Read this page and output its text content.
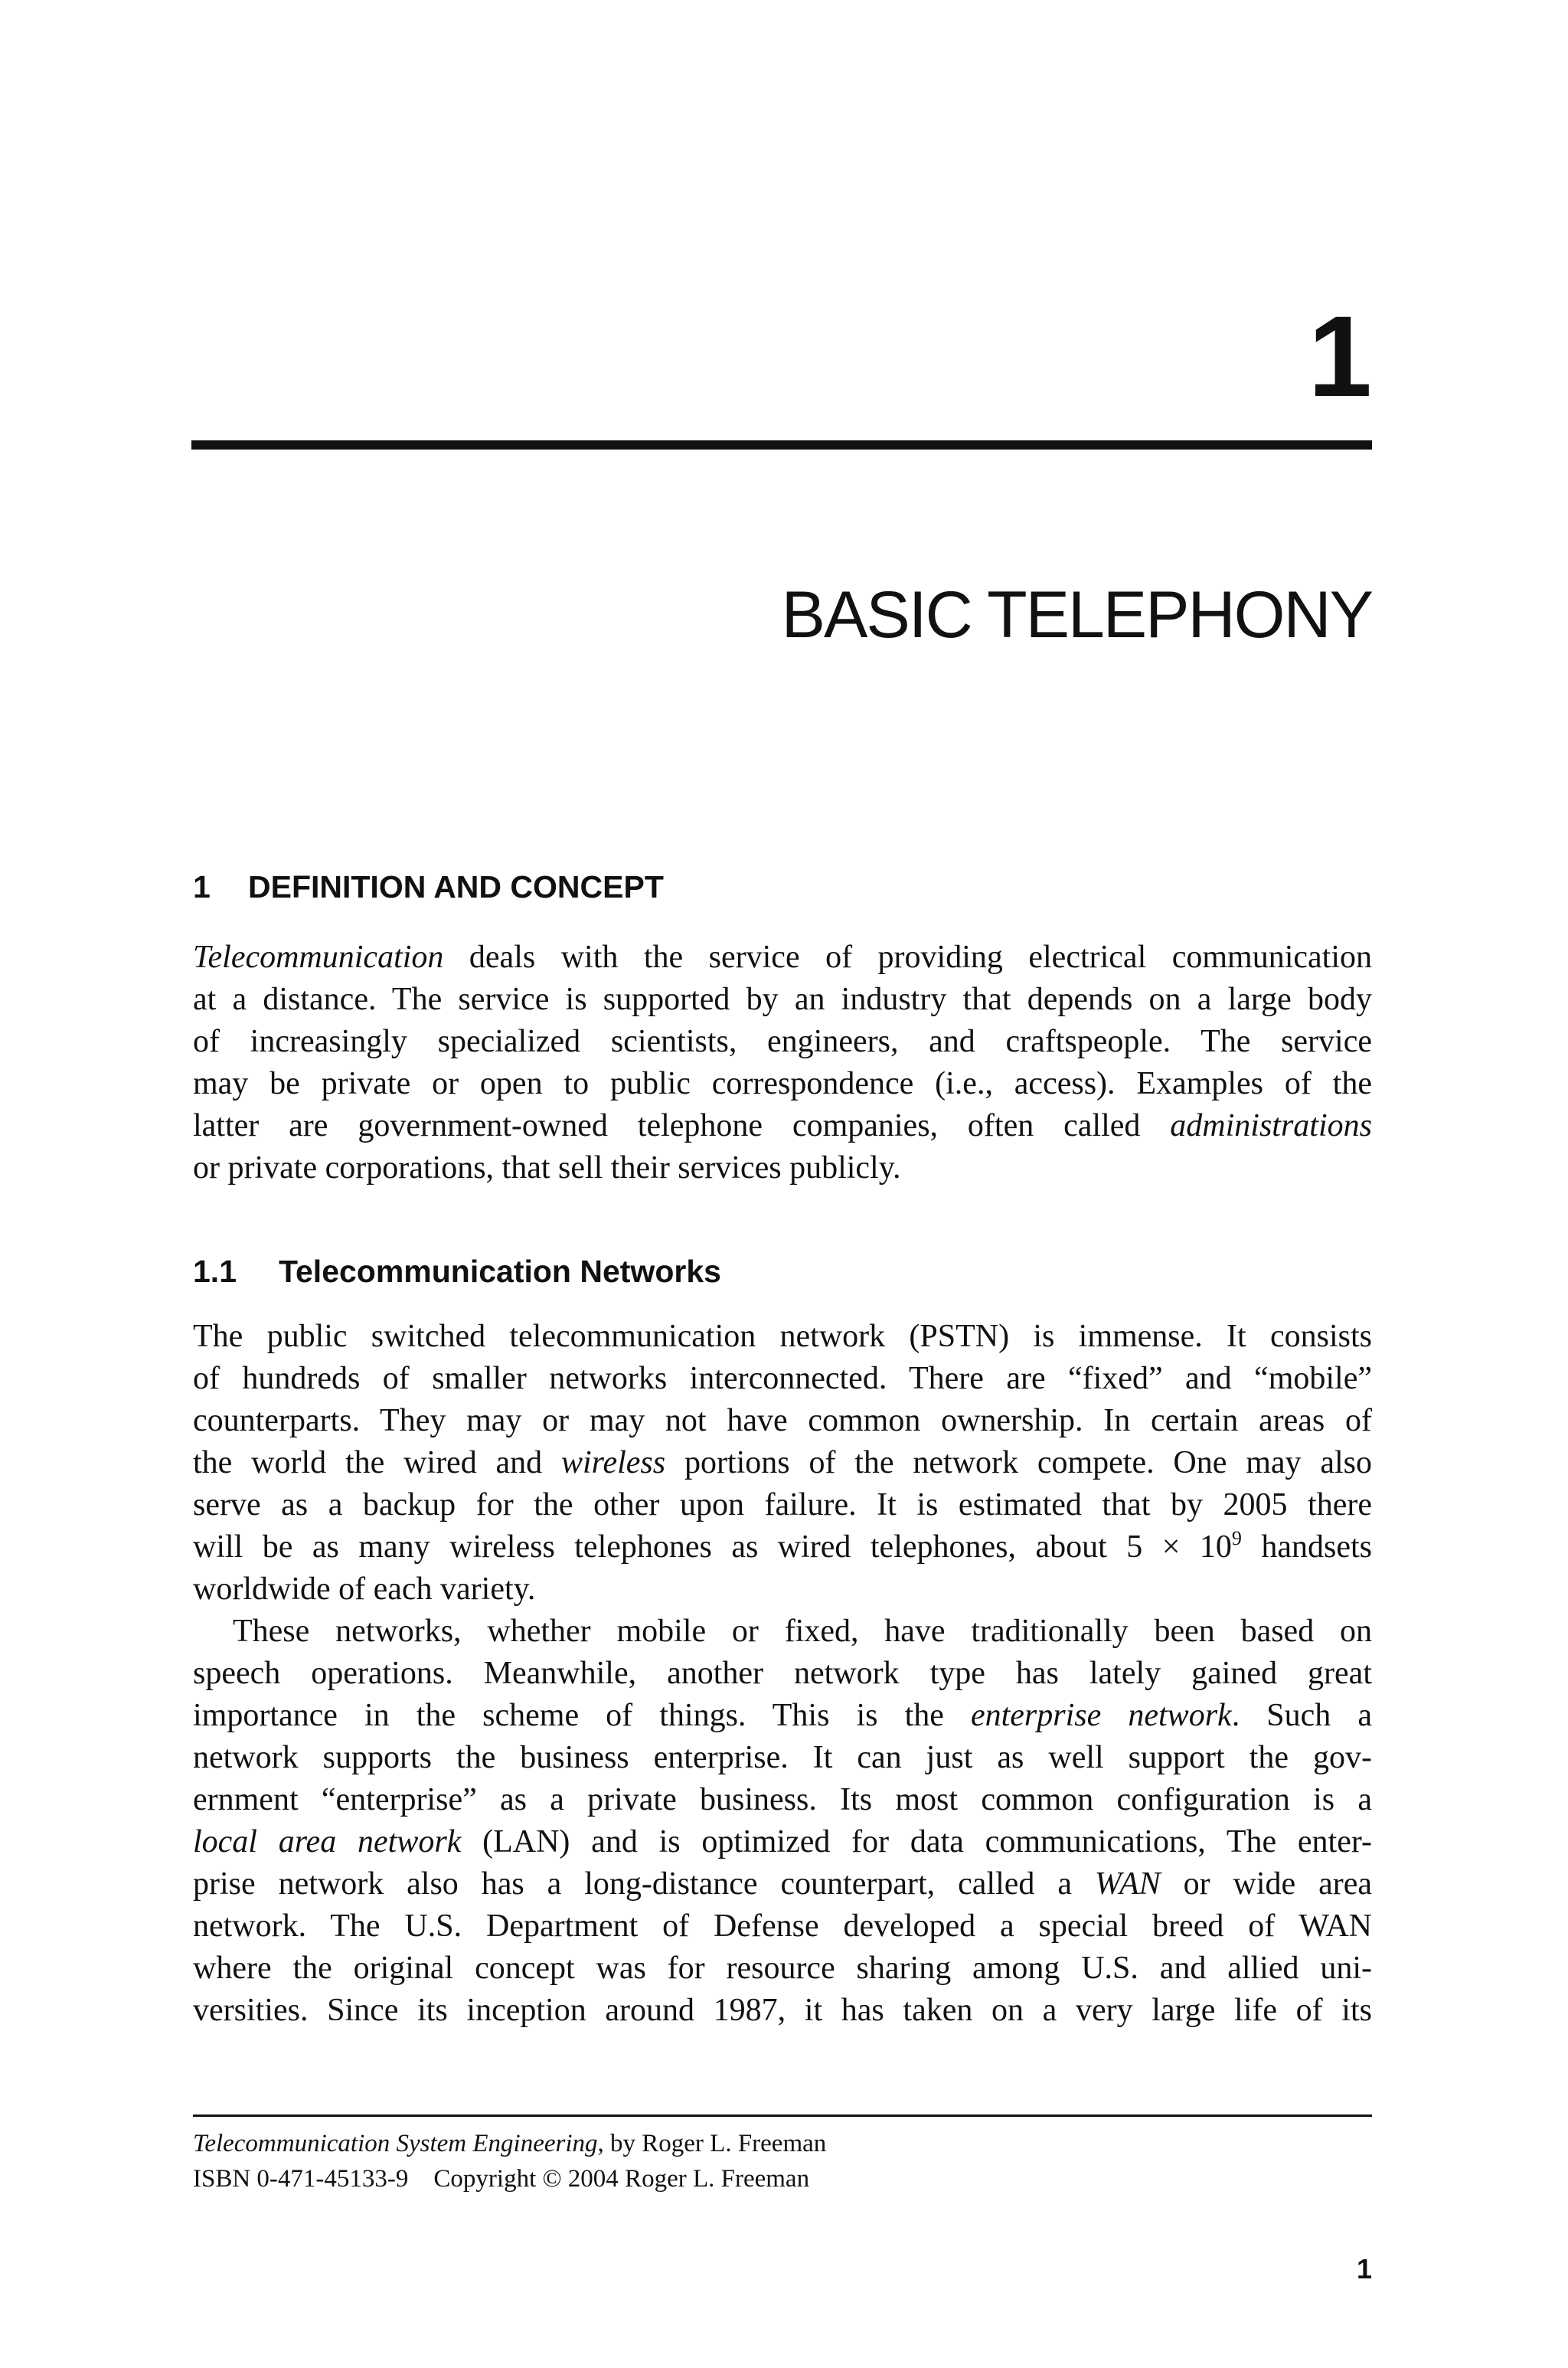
1
BASIC TELEPHONY
1 DEFINITION AND CONCEPT
Telecommunication deals with the service of providing electrical communication
at a distance. The service is supported by an industry that depends on a large body
of increasingly specialized scientists, engineers, and craftspeople. The service
may be private or open to public correspondence (i.e., access). Examples of the
latter are government-owned telephone companies, often called administrations
or private corporations, that sell their services publicly.
1.1 Telecommunication Networks
The public switched telecommunication network (PSTN) is immense. It consists
of hundreds of smaller networks interconnected. There are “fixed” and “mobile”
counterparts. They may or may not have common ownership. In certain areas of
the world the wired and wireless portions of the network compete. One may also
serve as a backup for the other upon failure. It is estimated that by 2005 there
will be as many wireless telephones as wired telephones, about $5 \times 10^9$ handsets
worldwide of each variety.
These networks, whether mobile or fixed, have traditionally been based on
speech operations. Meanwhile, another network type has lately gained great
importance in the scheme of things. This is the enterprise network. Such a
network supports the business enterprise. It can just as well support the gov-
ernment “enterprise” as a private business. Its most common configuration is a
local area network (LAN) and is optimized for data communications, The enter-
prise network also has a long-distance counterpart, called a WAN or wide area
network. The U.S. Department of Defense developed a special breed of WAN
where the original concept was for resource sharing among U.S. and allied uni-
versities. Since its inception around 1987, it has taken on a very large life of its
Telecommunication System Engineering, by Roger L. Freeman
ISBN 0-471-45133-9    Copyright © 2004 Roger L. Freeman
1
